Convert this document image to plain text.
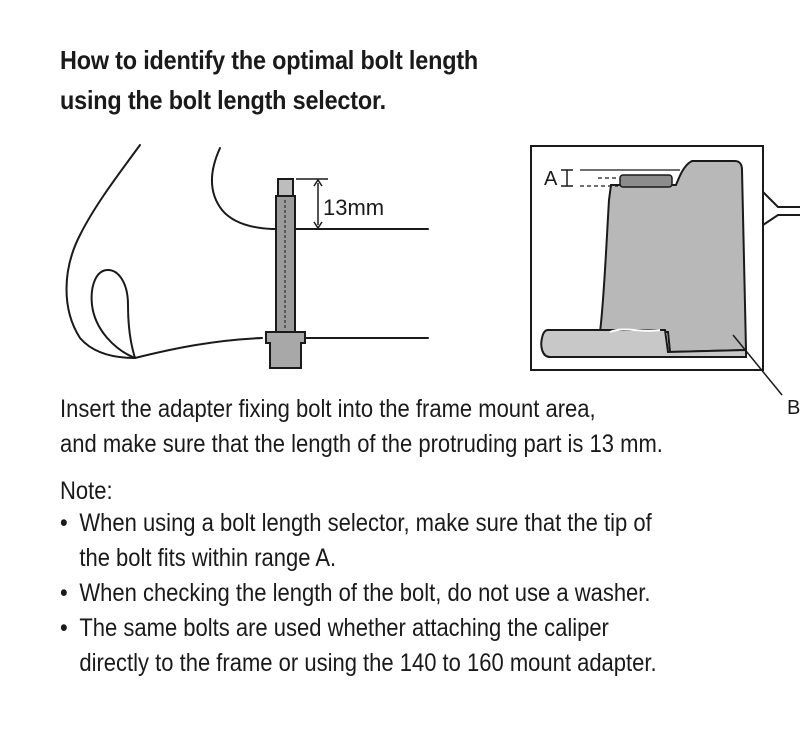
How to identify the optimal bolt length
using the bolt length selector.
13mm
A
B
Insert the adapter fixing bolt into the frame mount area,
and make sure that the length of the protruding part is 13 mm.
Note:
• When using a bolt length selector, make sure that the tip of
the bolt fits within range A.
• When checking the length of the bolt, do not use a washer.
• The same bolts are used whether attaching the caliper
directly to the frame or using the 140 to 160 mount adapter.
